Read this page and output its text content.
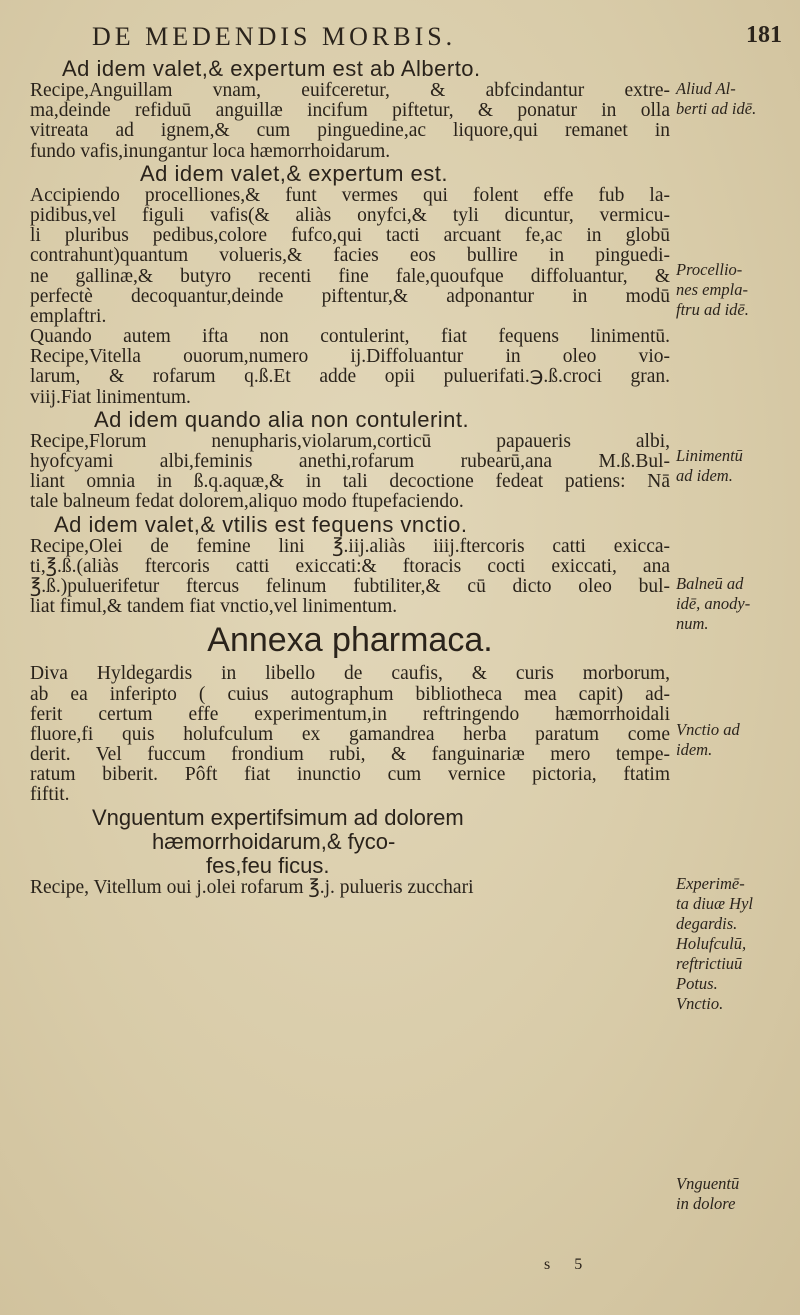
DE MEDENDIS MORBIS.	181
Ad idem valet,& expertum est ab Alberto.
Recipe,Anguillam vnam, euifceretur, & abfcindantur extre-
ma,deinde refiduū anguillæ incifum piftetur, & ponatur in olla
vitreata ad ignem,& cum pinguedine,ac liquore,qui remanet in
fundo vafis,inungantur loca hæmorrhoidarum.
Ad idem valet,& expertum est.
Accipiendo procelliones,& funt vermes qui folent effe fub la-
pidibus,vel figuli vafis(& aliàs onyfci,& tyli dicuntur, vermicu-
li pluribus pedibus,colore fufco,qui tacti arcuant fe,ac in globū
contrahunt)quantum volueris,& facies eos bullire in pinguedi-
ne gallinæ,& butyro recenti fine fale,quoufque diffoluantur, &
perfectè decoquantur,deinde piftentur,& adponantur in modū
emplaftri.
Quando autem ifta non contulerint, fiat fequens linimentū.
Recipe,Vitella ouorum,numero ij.Diffoluantur in oleo vio-
larum, & rofarum q.ß.Et adde opii puluerifati.℈.ß.croci gran.
viij.Fiat linimentum.
Ad idem quando alia non contulerint.
Recipe,Florum nenupharis,violarum,corticū papaueris albi,
hyofcyami albi,feminis anethi,rofarum rubearū,ana M.ß.Bul-
liant omnia in ß.q.aquæ,& in tali decoctione fedeat patiens: Nā
tale balneum fedat dolorem,aliquo modo ftupefaciendo.
Ad idem valet,& vtilis est fequens vnctio.
Recipe,Olei de femine lini ℥.iij.aliàs iiij.ftercoris catti exicca-
ti,℥.ß.(aliàs ftercoris catti exiccati:& ftoracis cocti exiccati, ana
℥.ß.)puluerifetur ftercus felinum fubtiliter,& cū dicto oleo bul-
liat fimul,& tandem fiat vnctio,vel linimentum.
Annexa pharmaca.
Diva Hyldegardis in libello de caufis, & curis morborum,
ab ea inferipto ( cuius autographum bibliotheca mea capit) ad-
ferit certum effe experimentum,in reftringendo hæmorrhoidali
fluore,fi quis holufculum ex gamandrea herba paratum come
derit. Vel fuccum frondium rubi, & fanguinariæ mero tempe-
ratum biberit. Pôft fiat inunctio cum vernice pictoria, ftatim
fiftit.
Vnguentum expertifsimum ad dolorem
hæmorrhoidarum,& fyco-
fes,feu ficus.
Recipe, Vitellum oui j.olei rofarum ℥.j. pulueris zucchari
Aliud Al-
berti ad idē.
Procellio-
nes empla-
ftru ad idē.
Linimentū
ad idem.
Balneū ad
idē, anody-
num.
Vnctio ad
idem.
Experimē-
ta diuæ Hyl
degardis.
Holufculū,
reftrictiuū
Potus.
Vnctio.
Vnguentū
in dolore
s 5
